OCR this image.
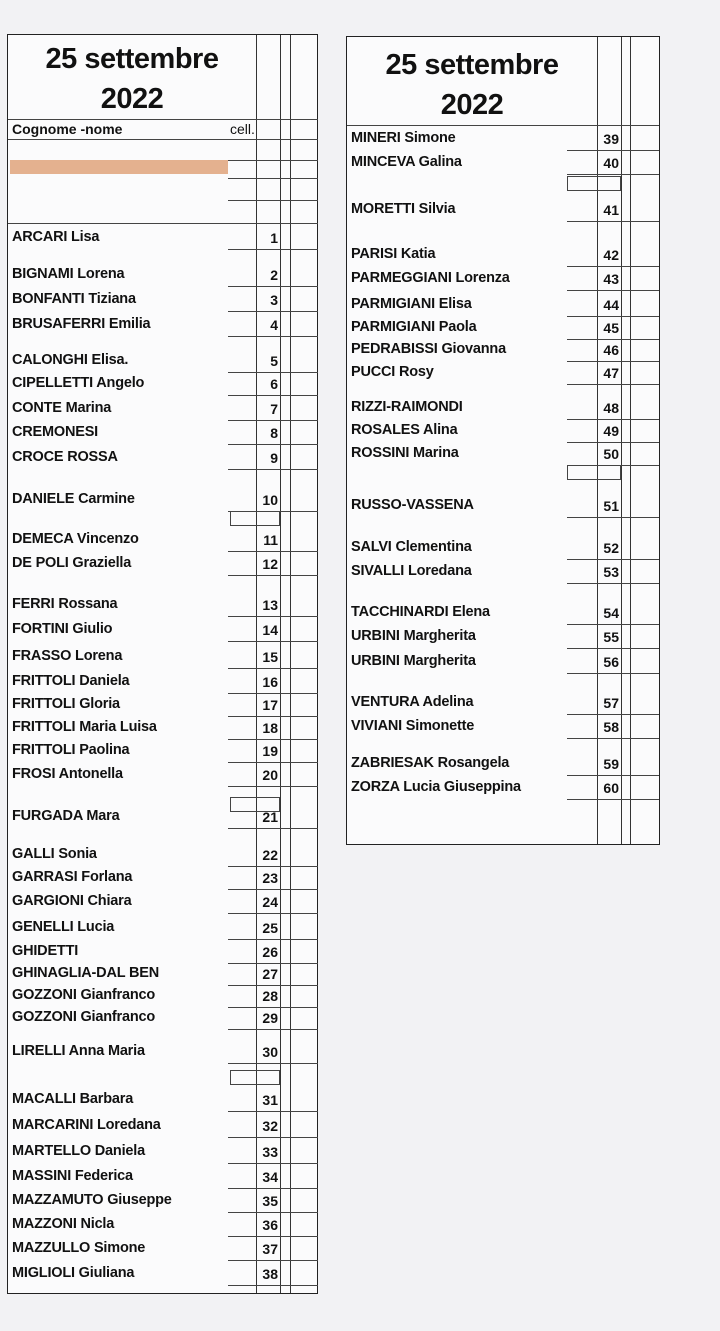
25 settembre
2022
Cognome -nome	cell.
ARCARI Lisa	1
BIGNAMI Lorena	2
BONFANTI Tiziana	3
BRUSAFERRI Emilia	4
CALONGHI Elisa.	5
CIPELLETTI Angelo	6
CONTE Marina	7
CREMONESI	8
CROCE ROSSA	9
DANIELE Carmine	10
DEMECA Vincenzo	11
DE POLI Graziella	12
FERRI Rossana	13
FORTINI Giulio	14
FRASSO Lorena	15
FRITTOLI Daniela	16
FRITTOLI Gloria	17
FRITTOLI Maria Luisa	18
FRITTOLI Paolina	19
FROSI Antonella	20
FURGADA Mara	21
GALLI Sonia	22
GARRASI Forlana	23
GARGIONI Chiara	24
GENELLI Lucia	25
GHIDETTI	26
GHINAGLIA-DAL BEN	27
GOZZONI Gianfranco	28
GOZZONI Gianfranco	29
LIRELLI Anna Maria	30
MACALLI Barbara	31
MARCARINI Loredana	32
MARTELLO Daniela	33
MASSINI Federica	34
MAZZAMUTO Giuseppe	35
MAZZONI Nicla	36
MAZZULLO Simone	37
MIGLIOLI Giuliana	38
25 settembre
2022
MINERI Simone	39
MINCEVA Galina	40
MORETTI Silvia	41
PARISI Katia	42
PARMEGGIANI Lorenza	43
PARMIGIANI Elisa	44
PARMIGIANI Paola	45
PEDRABISSI Giovanna	46
PUCCI Rosy	47
RIZZI-RAIMONDI	48
ROSALES Alina	49
ROSSINI Marina	50
RUSSO-VASSENA	51
SALVI Clementina	52
SIVALLI Loredana	53
TACCHINARDI Elena	54
URBINI Margherita	55
URBINI Margherita	56
VENTURA Adelina	57
VIVIANI Simonette	58
ZABRIESAK Rosangela	59
ZORZA Lucia Giuseppina	60
